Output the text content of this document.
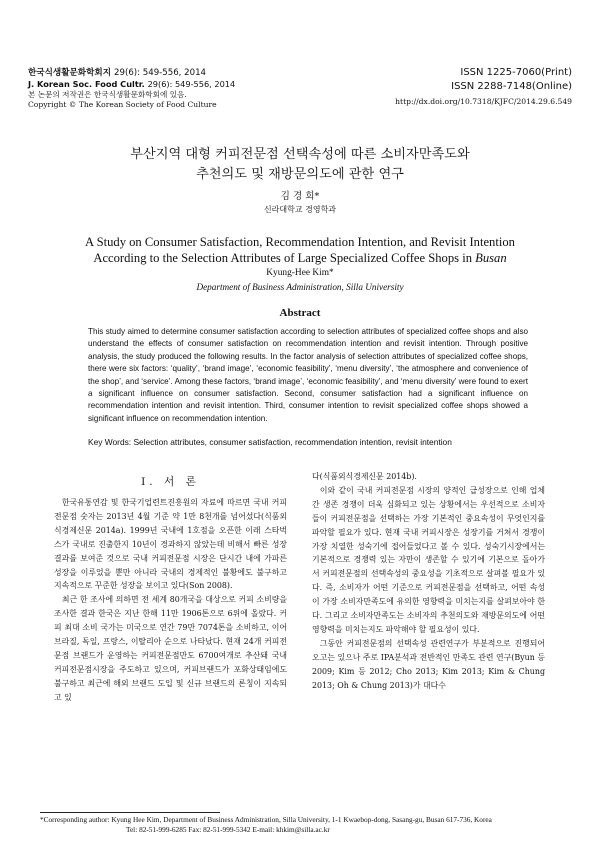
한국식생활문화학회지 29(6): 549-556, 2014
J. Korean Soc. Food Cultr. 29(6): 549-556, 2014
본 논문의 저작권은 한국식생활문화학회에 있음.
Copyright © The Korean Society of Food Culture
ISSN 1225-7060(Print)
ISSN 2288-7148(Online)
http://dx.doi.org/10.7318/KJFC/2014.29.6.549
부산지역 대형 커피전문점 선택속성에 따른 소비자만족도와
추천의도 및 재방문의도에 관한 연구
김 경 희*
신라대학교 경영학과
A Study on Consumer Satisfaction, Recommendation Intention, and Revisit Intention
According to the Selection Attributes of Large Specialized Coffee Shops in Busan
Kyung-Hee Kim*
Department of Business Administration, Silla University
Abstract
This study aimed to determine consumer satisfaction according to selection attributes of specialized coffee shops and also understand the effects of consumer satisfaction on recommendation intention and revisit intention. Through positive analysis, the study produced the following results. In the factor analysis of selection attributes of specialized coffee shops, there were six factors: ‘quality’, ‘brand image’, ‘economic feasibility’, ‘menu diversity’, ‘the atmosphere and convenience of the shop’, and ‘service’. Among these factors, ‘brand image’, ‘economic feasibility’, and ‘menu diversity’ were found to exert a significant influence on consumer satisfaction. Second, consumer satisfaction had a significant influence on recommendation intention and revisit intention. Third, consumer intention to revisit specialized coffee shops showed a significant influence on recommendation intention.
Key Words: Selection attributes, consumer satisfaction, recommendation intention, revisit intention
I. 서 론

한국유통연감 및 한국기업련트진흥원의 자료에 따르면 국내 커피전문점 숫자는 2013년 4월 기준 약 1만 8천개를 넘어섰다(식품외식경제신문 2014a). 1999년 국내에 1호점을 오픈한 이래 스타벅스가 국내로 진출한지 10년이 경과하지 않았는데 비해서 빠른 성장 결과를 보여준 것으로 국내 커피전문점 시장은 단시간 내에 가파른 성장을 이루었을 뿐만 아니라 국내의 경제적인 불황에도 불구하고 지속적으로 꾸준한 성장을 보이고 있다(Son 2008).

최근 한 조사에 의하면 전 세계 80개국을 대상으로 커피 소비량을 조사한 결과 한국은 지난 한해 11만 1906톤으로 6위에 올랐다. 커피 최대 소비 국가는 미국으로 연간 79만 7074톤을 소비하고, 이어 브라질, 독일, 프랑스, 이탈리아 순으로 나타났다. 현재 24개 커피전문점 브랜드가 운영하는 커피전문점만도 6700여개로 추산돼 국내 커피전문점시장을 주도하고 있으며, 커피브랜드가 포화상태임에도 불구하고 최근에 해외 브랜드 도입 및 신규 브랜드의 론칭이 지속되고 있

다(식품외식경제신문 2014b).

이와 같이 국내 커피전문점 시장의 양적인 급성장으로 인해 업체 간 생존 경쟁이 더욱 심화되고 있는 상황에서는 우선적으로 소비자들이 커피전문점을 선택하는 가장 기본적인 중요속성이 무엇인지를 파악할 필요가 있다. 현재 국내 커피시장은 성장기를 거쳐서 경쟁이 가장 치열한 성숙기에 접어들었다고 볼 수 있다. 성숙기시장에서는 기본적으로 경쟁력 있는 자만이 생존할 수 있기에 기본으로 돌아가서 커피전문점의 선택속성의 중요성을 기초적으로 살펴볼 필요가 있다. 즉, 소비자가 어떤 기준으로 커피전문점을 선택하고, 어떤 속성이 가장 소비자만족도에 유의한 영향력을 미치는지를 살펴보아야 한다. 그리고 소비자만족도는 소비자의 추천의도와 재방문의도에 어떤 영향력을 미치는지도 파악해야 할 필요성이 있다.

그동안 커피전문점의 선택속성 관련연구가 부분적으로 진행되어 오고는 있으나 주로 IPA분석과 전반적인 만족도 관련 연구(Byun 등 2009; Kim 등 2012; Cho 2013; Kim 2013; Kim & Chung 2013; Oh & Chung 2013)가 대다수

*Corresponding author: Kyung Hee Kim, Department of Business Administration, Silla University, 1-1 Kwaebop-dong, Sasang-gu, Busan 617-736, Korea
Tel: 82-51-999-6285 Fax: 82-51-999-5342 E-mail: khkim@silla.ac.kr
